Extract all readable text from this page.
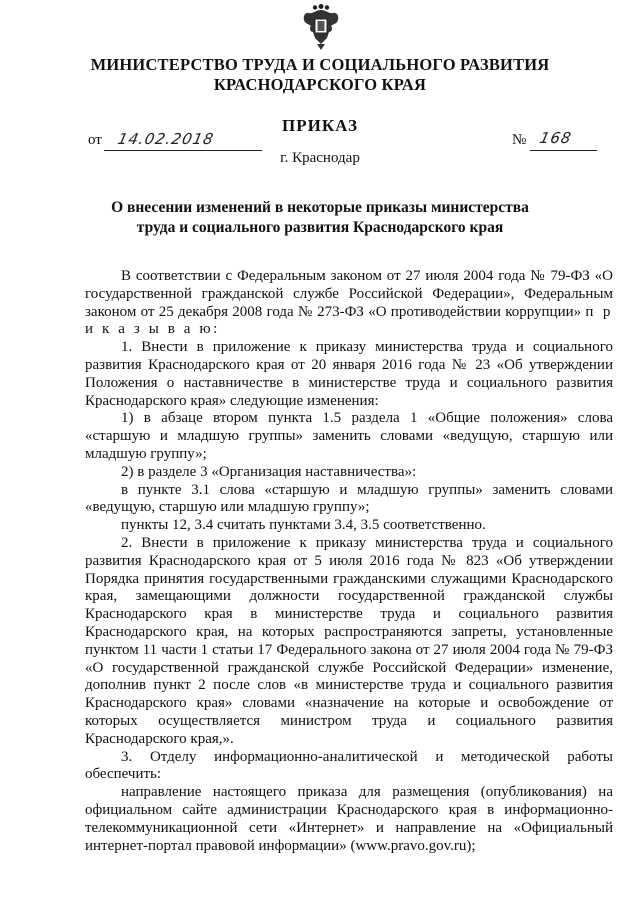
МИНИСТЕРСТВО ТРУДА И СОЦИАЛЬНОГО РАЗВИТИЯ
КРАСНОДАРСКОГО КРАЯ
ПРИКАЗ
от 14.02.2018	№ 168
г. Краснодар
О внесении изменений в некоторые приказы министерства
труда и социального развития Краснодарского края

В соответствии с Федеральным законом от 27 июля 2004 года № 79-ФЗ «О государственной гражданской службе Российской Федерации», Федеральным законом от 25 декабря 2008 года № 273-ФЗ «О противодействии коррупции» п р и к а з ы в а ю:

1. Внести в приложение к приказу министерства труда и социального развития Краснодарского края от 20 января 2016 года № 23 «Об утверждении Положения о наставничестве в министерстве труда и социального развития Краснодарского края» следующие изменения:

1) в абзаце втором пункта 1.5 раздела 1 «Общие положения» слова «старшую и младшую группы» заменить словами «ведущую, старшую или младшую группу»;

2) в разделе 3 «Организация наставничества»:

в пункте 3.1 слова «старшую и младшую группы» заменить словами «ведущую, старшую или младшую группу»;

пункты 12, 3.4 считать пунктами 3.4, 3.5 соответственно.

2. Внести в приложение к приказу министерства труда и социального развития Краснодарского края от 5 июля 2016 года № 823 «Об утверждении Порядка принятия государственными гражданскими служащими Краснодарского края, замещающими должности государственной гражданской службы Краснодарского края в министерстве труда и социального развития Краснодарского края, на которых распространяются запреты, установленные пунктом 11 части 1 статьи 17 Федерального закона от 27 июля 2004 года № 79-ФЗ «О государственной гражданской службе Российской Федерации» изменение, дополнив пункт 2 после слов «в министерстве труда и социального развития Краснодарского края» словами «назначение на которые и освобождение от которых осуществляется министром труда и социального развития Краснодарского края,».

3. Отделу информационно-аналитической и методической работы обеспечить:

направление настоящего приказа для размещения (опубликования) на официальном сайте администрации Краснодарского края в информационно-телекоммуникационной сети «Интернет» и направление на «Официальный интернет-портал правовой информации» (www.pravo.gov.ru);
